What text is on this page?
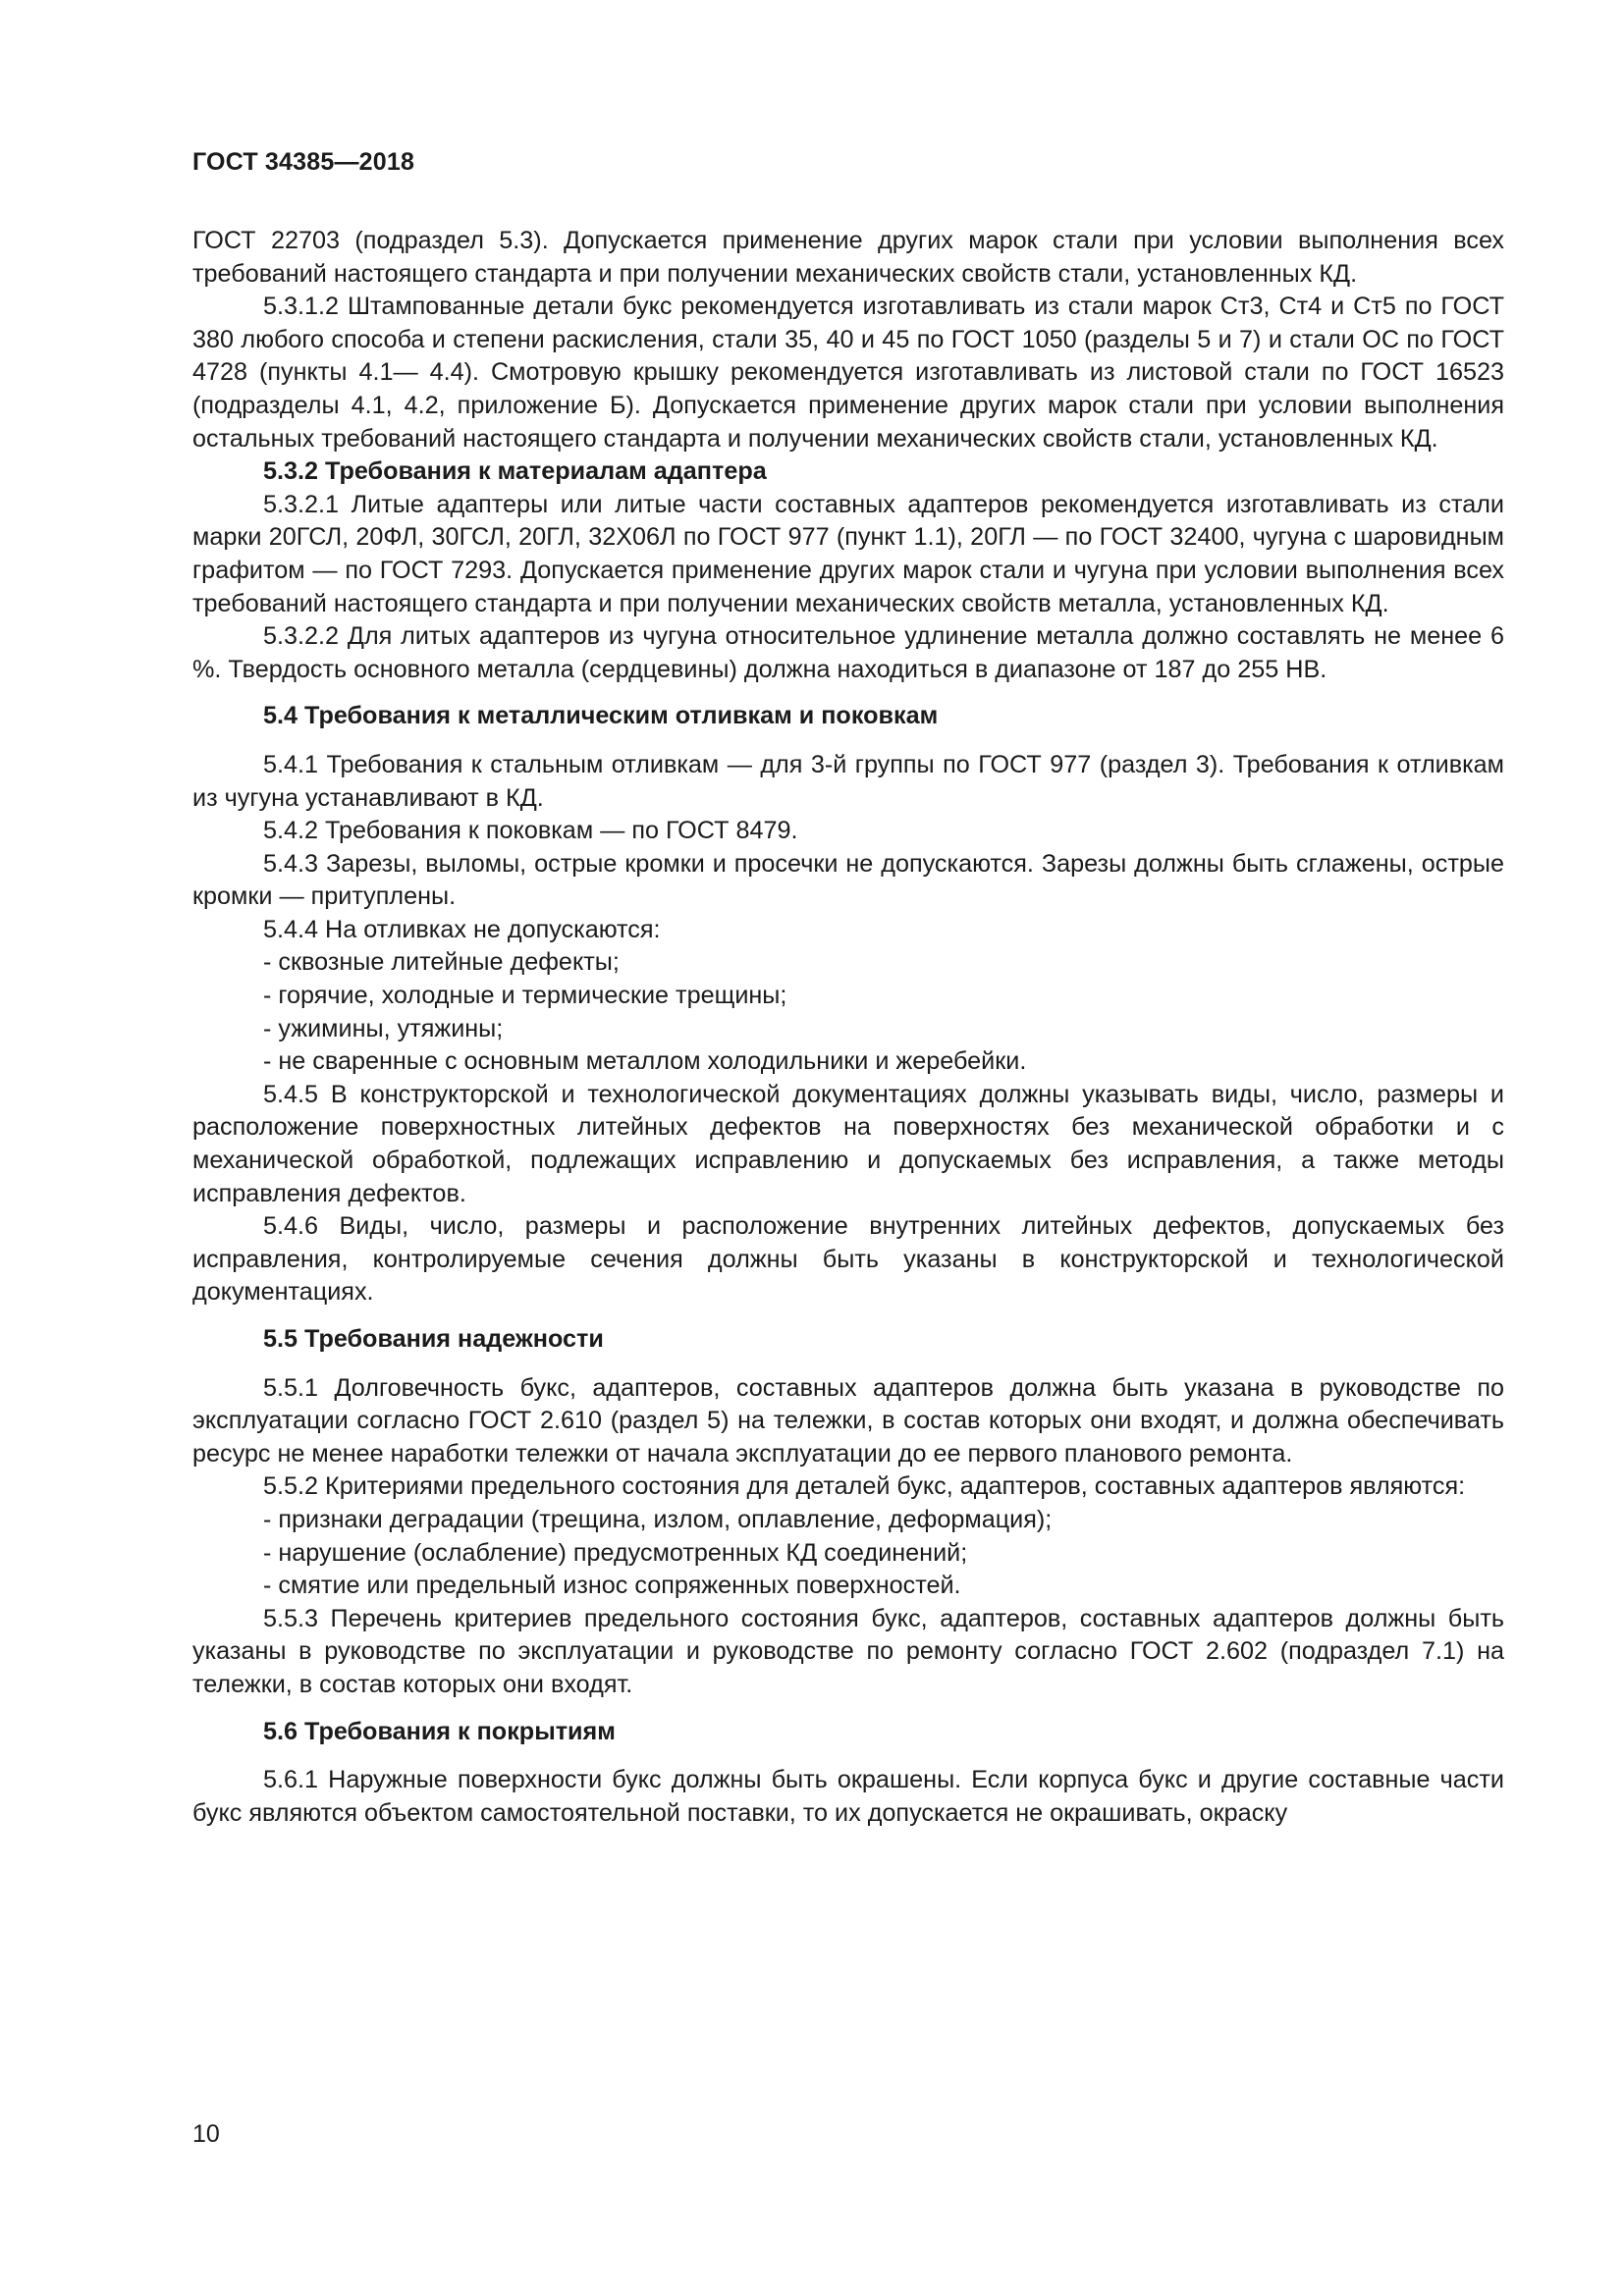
ГОСТ 34385—2018

ГОСТ 22703 (подраздел 5.3). Допускается применение других марок стали при условии выполнения всех требований настоящего стандарта и при получении механических свойств стали, установленных КД.

5.3.1.2 Штампованные детали букс рекомендуется изготавливать из стали марок Ст3, Ст4 и Ст5 по ГОСТ 380 любого способа и степени раскисления, стали 35, 40 и 45 по ГОСТ 1050 (разделы 5 и 7) и стали ОС по ГОСТ 4728 (пункты 4.1— 4.4). Смотровую крышку рекомендуется изготавливать из листовой стали по ГОСТ 16523 (подразделы 4.1, 4.2, приложение Б). Допускается применение других марок стали при условии выполнения остальных требований настоящего стандарта и получении механических свойств стали, установленных КД.

5.3.2 Требования к материалам адаптера

5.3.2.1 Литые адаптеры или литые части составных адаптеров рекомендуется изготавливать из стали марки 20ГСЛ, 20ФЛ, 30ГСЛ, 20ГЛ, 32Х06Л по ГОСТ 977 (пункт 1.1), 20ГЛ — по ГОСТ 32400, чугуна с шаровидным графитом — по ГОСТ 7293. Допускается применение других марок стали и чугуна при условии выполнения всех требований настоящего стандарта и при получении механических свойств металла, установленных КД.

5.3.2.2 Для литых адаптеров из чугуна относительное удлинение металла должно составлять не менее 6 %. Твердость основного металла (сердцевины) должна находиться в диапазоне от 187 до 255 НВ.

5.4 Требования к металлическим отливкам и поковкам

5.4.1 Требования к стальным отливкам — для 3-й группы по ГОСТ 977 (раздел 3). Требования к отливкам из чугуна устанавливают в КД.

5.4.2 Требования к поковкам — по ГОСТ 8479.

5.4.3 Зарезы, выломы, острые кромки и просечки не допускаются. Зарезы должны быть сглажены, острые кромки — притуплены.

5.4.4 На отливках не допускаются:

- сквозные литейные дефекты;

- горячие, холодные и термические трещины;

- ужимины, утяжины;

- не сваренные с основным металлом холодильники и жеребейки.

5.4.5 В конструкторской и технологической документациях должны указывать виды, число, размеры и расположение поверхностных литейных дефектов на поверхностях без механической обработки и с механической обработкой, подлежащих исправлению и допускаемых без исправления, а также методы исправления дефектов.

5.4.6 Виды, число, размеры и расположение внутренних литейных дефектов, допускаемых без исправления, контролируемые сечения должны быть указаны в конструкторской и технологической документациях.

5.5 Требования надежности

5.5.1 Долговечность букс, адаптеров, составных адаптеров должна быть указана в руководстве по эксплуатации согласно ГОСТ 2.610 (раздел 5) на тележки, в состав которых они входят, и должна обеспечивать ресурс не менее наработки тележки от начала эксплуатации до ее первого планового ремонта.

5.5.2 Критериями предельного состояния для деталей букс, адаптеров, составных адаптеров являются:

- признаки деградации (трещина, излом, оплавление, деформация);

- нарушение (ослабление) предусмотренных КД соединений;

- смятие или предельный износ сопряженных поверхностей.

5.5.3 Перечень критериев предельного состояния букс, адаптеров, составных адаптеров должны быть указаны в руководстве по эксплуатации и руководстве по ремонту согласно ГОСТ 2.602 (подраздел 7.1) на тележки, в состав которых они входят.

5.6 Требования к покрытиям

5.6.1 Наружные поверхности букс должны быть окрашены. Если корпуса букс и другие составные части букс являются объектом самостоятельной поставки, то их допускается не окрашивать, окраску

10
